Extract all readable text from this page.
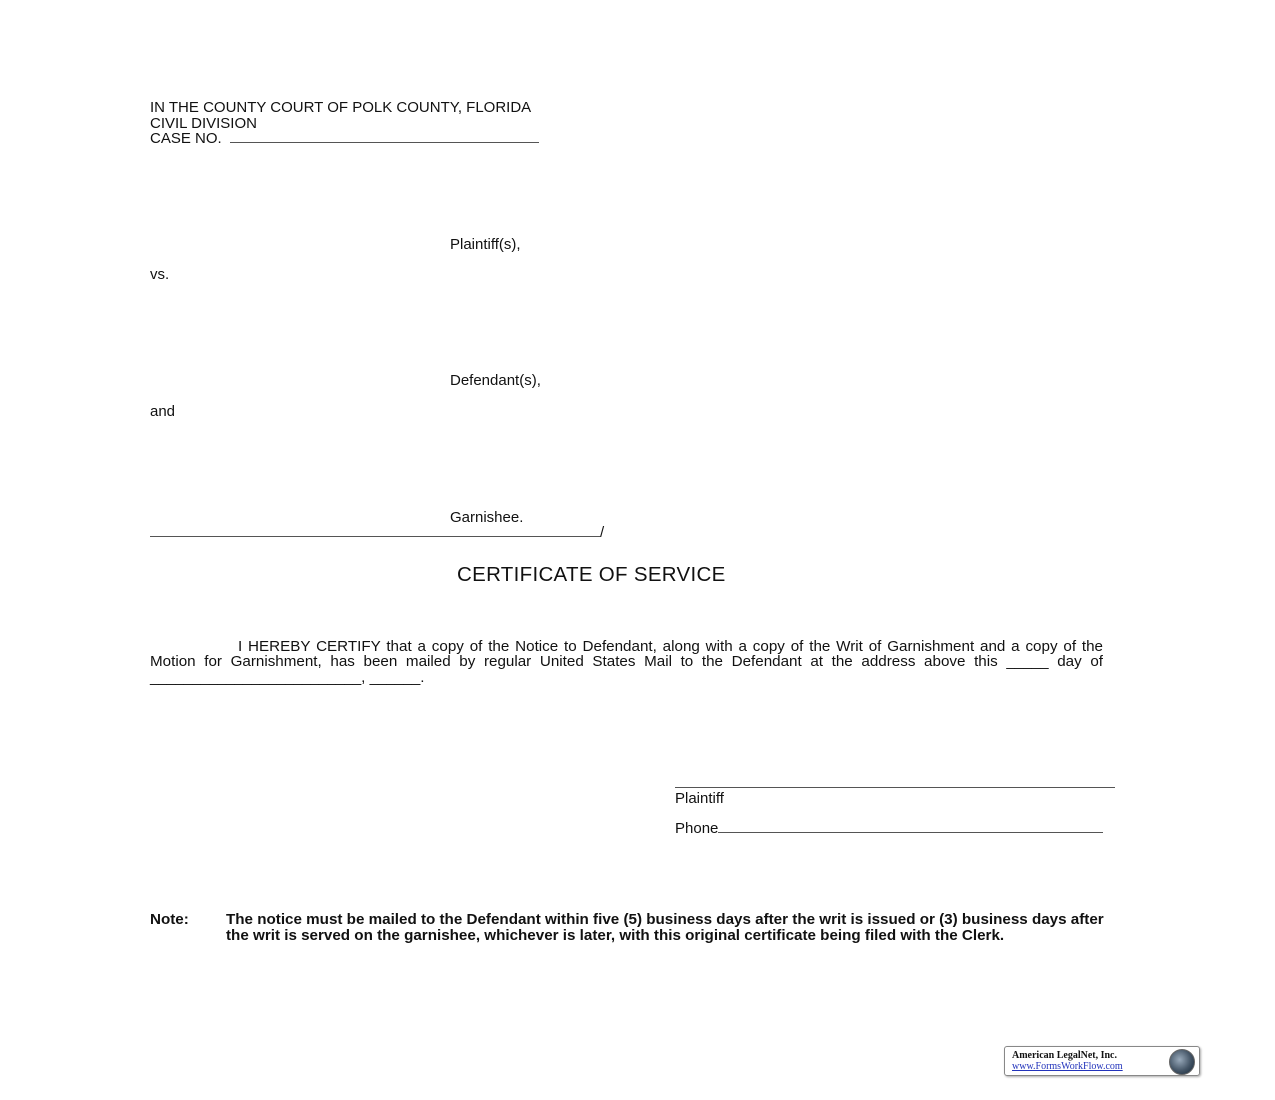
IN THE COUNTY COURT OF POLK COUNTY, FLORIDA
CIVIL DIVISION
CASE NO.
Plaintiff(s),
vs.
Defendant(s),
and
Garnishee.
/
CERTIFICATE OF SERVICE
I HEREBY CERTIFY that a copy of the Notice to Defendant, along with a copy of the Writ of Garnishment and a copy of the Motion for Garnishment, has been mailed by regular United States Mail to the Defendant at the address above this _____ day of _________________________, ______.
Plaintiff
Phone
Note: The notice must be mailed to the Defendant within five (5) business days after the writ is issued or (3) business days after the writ is served on the garnishee, whichever is later, with this original certificate being filed with the Clerk.
American LegalNet, Inc.
www.FormsWorkFlow.com
